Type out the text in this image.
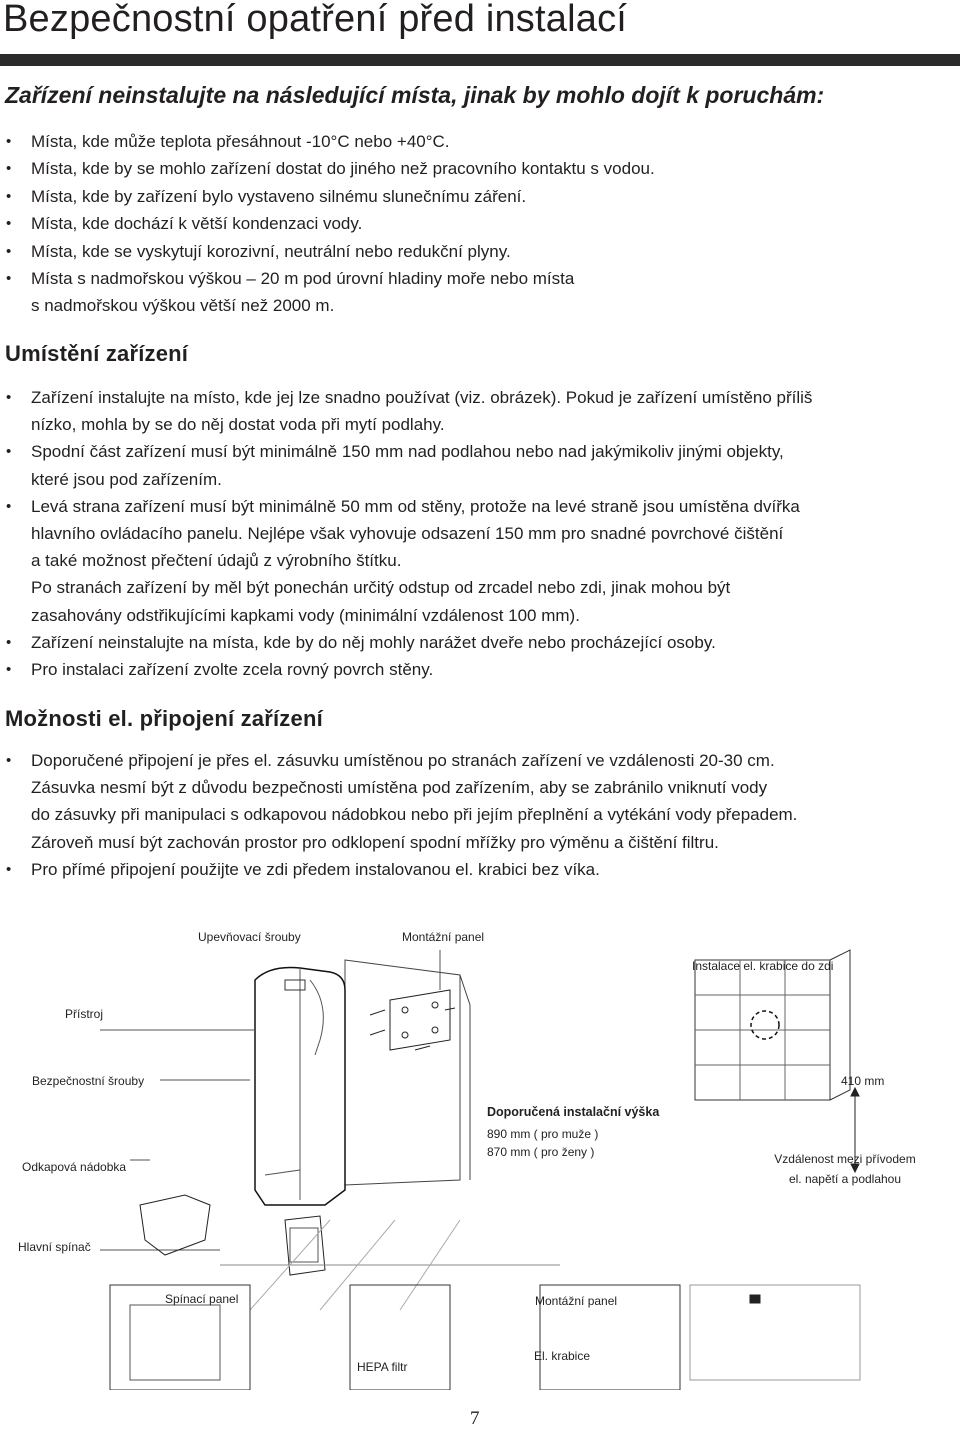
Bezpečnostní opatření před instalací
Zařízení neinstalujte na následující místa, jinak by mohlo dojít k poruchám:
• Místa, kde může teplota přesáhnout -10°C nebo +40°C.
• Místa, kde by se mohlo zařízení dostat do jiného než pracovního kontaktu s vodou.
• Místa, kde by zařízení bylo vystaveno silnému slunečnímu záření.
• Místa, kde dochází k větší kondenzaci vody.
• Místa, kde se vyskytují korozivní, neutrální nebo redukční plyny.
• Místa s nadmořskou výškou – 20 m pod úrovní hladiny moře nebo místa
s nadmořskou výškou větší než 2000 m.
Umístění zařízení
• Zařízení instalujte na místo, kde jej lze snadno používat (viz. obrázek). Pokud je zařízení umístěno příliš
nízko, mohla by se do něj dostat voda při mytí podlahy.
• Spodní část zařízení musí být minimálně 150 mm nad podlahou nebo nad jakýmikoliv jinými objekty,
které jsou pod zařízením.
• Levá strana zařízení musí být minimálně 50 mm od stěny, protože na levé straně jsou umístěna dvířka
hlavního ovládacího panelu. Nejlépe však vyhovuje odsazení 150 mm pro snadné povrchové čištění
a také možnost přečtení údajů z výrobního štítku.
Po stranách zařízení by měl být ponechán určitý odstup od zrcadel nebo zdi, jinak mohou být
zasahovány odstřikujícími kapkami vody (minimální vzdálenost 100 mm).
• Zařízení neinstalujte na místa, kde by do něj mohly narážet dveře nebo procházející osoby.
• Pro instalaci zařízení zvolte zcela rovný povrch stěny.
Možnosti el. připojení zařízení
• Doporučené připojení je přes el. zásuvku umístěnou po stranách zařízení ve vzdálenosti 20-30 cm.
Zásuvka nesmí být z důvodu bezpečnosti umístěna pod zařízením, aby se zabránilo vniknutí vody
do zásuvky při manipulaci s odkapovou nádobkou nebo při jejím přeplnění a vytékání vody přepadem.
Zároveň musí být zachován prostor pro odklopení spodní mřížky pro výměnu a čištění filtru.
• Pro přímé připojení použijte ve zdi předem instalovanou el. krabici bez víka.
Upevňovací šrouby	Montážní panel
Instalace el. krabice do zdi
Přístroj
Bezpečnostní šrouby	410 mm
Doporučená instalační výška
890 mm ( pro muže )
870 mm ( pro ženy )
Odkapová nádobka
Vzdálenost mezi přívodem
el. napětí a podlahou
Hlavní spínač
Spínací panel	Montážní panel
HEPA filtr
El. krabice
7
